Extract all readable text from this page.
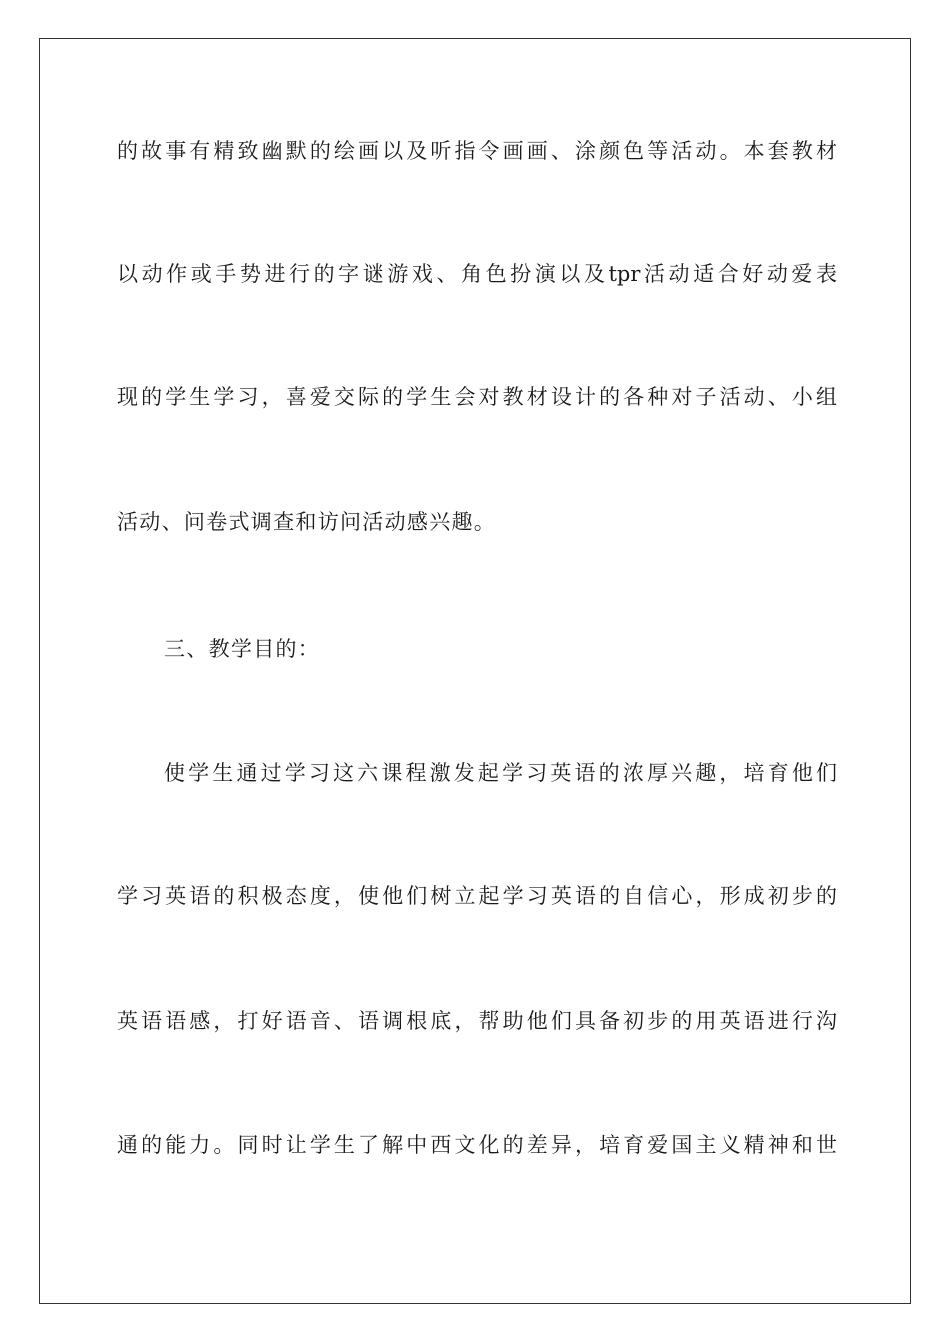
的故事有精致幽默的绘画以及听指令画画、涂颜色等活动。本套教材
以动作或手势进行的字谜游戏、角色扮演以及tpr活动适合好动爱表
现的学生学习，喜爱交际的学生会对教材设计的各种对子活动、小组
活动、问卷式调查和访问活动感兴趣。
三、教学目的：
使学生通过学习这六课程激发起学习英语的浓厚兴趣，培育他们
学习英语的积极态度，使他们树立起学习英语的自信心，形成初步的
英语语感，打好语音、语调根底，帮助他们具备初步的用英语进行沟
通的能力。同时让学生了解中西文化的差异，培育爱国主义精神和世
